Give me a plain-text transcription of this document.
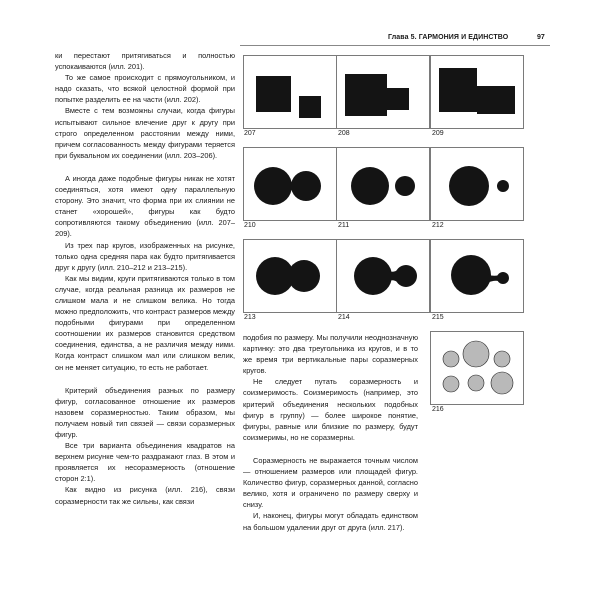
Глава 5. ГАРМОНИЯ И ЕДИНСТВО	97

ки перестают притягиваться и полностью успокаиваются (илл. 201).

То же самое происходит с прямоугольником, и надо сказать, что всякой целостной формой при попытке разделить ее на части (илл. 202).

Вместе с тем возможны случаи, когда фигуры испытывают сильное влечение друг к другу при строго определенном расстоянии между ними, причем согласованность между фигурами теряется при буквальном их соединении (илл. 203–206).

А иногда даже подобные фигуры никак не хотят соединяться, хотя имеют одну параллельную сторону. Это значит, что форма при их слиянии не станет «хорошей», фигуры как будто сопротивляются такому объединению (илл. 207–209).

Из трех пар кругов, изображенных на рисунке, только одна средняя пара как будто притягивается друг к другу (илл. 210–212 и 213–215).

Как мы видим, круги притягиваются только в том случае, когда реальная разница их размеров не слишком мала и не слишком велика. Но тогда можно предположить, что контраст размеров между подобными фигурами при определенном соотношении их размеров становится средством соединения, единства, а не различия между ними. Когда контраст слишком мал или слишком велик, он не меняет ситуацию, то есть не работает.

Критерий объединения разных по размеру фигур, согласованное отношение их размеров назовем соразмерностью. Таким образом, мы получаем новый тип связей — связи соразмерных фигур.

Все три варианта объединения квадратов на верхнем рисунке чем-то раздражают глаз. В этом и проявляется их несоразмерность (отношение сторон 2:1).

Как видно из рисунка (илл. 216), связи соразмерности так же сильны, как связи

подобия по размеру. Мы получили неоднозначную картинку: это два треугольника из кругов, и в то же время три вертикальные пары соразмерных кругов.

Не следует путать соразмерность и соизмеримость. Соизмеримость (например, это критерий объединения нескольких подобных фигур в группу) — более широкое понятие, фигуры, равные или близкие по размеру, будут соизмеримы, но не соразмерны.

Соразмерность не выражается точным числом — отношением размеров или площадей фигур. Количество фигур, соразмерных данной, согласно велико, хотя и ограничено по размеру сверху и снизу.

И, наконец, фигуры могут обладать единством на большом удалении друг от друга (илл. 217).

207	208	209
210	211	212
213	214	215
216
